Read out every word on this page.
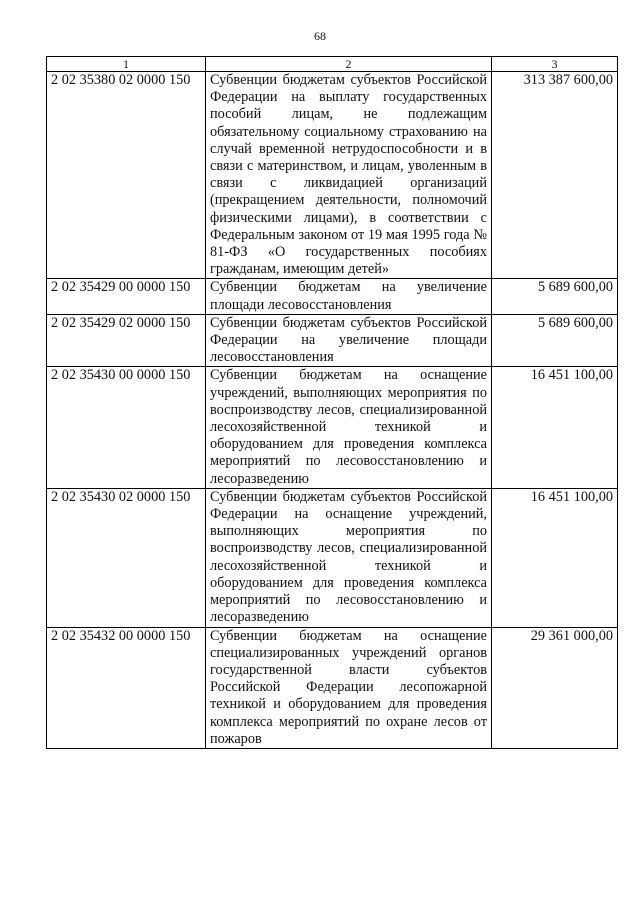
68
1	2	3
2 02 35380 02 0000 150	Субвенции бюджетам субъектов Российской Федерации на выплату государственных пособий лицам, не подлежащим обязательному социальному страхованию на случай временной нетрудоспособности и в связи с материнством, и лицам, уволенным в связи с ликвидацией организаций (прекращением деятельности, полномочий физическими лицами), в соответствии с Федеральным законом от 19 мая 1995 года № 81-ФЗ «О государственных пособиях гражданам, имеющим детей»	313 387 600,00
2 02 35429 00 0000 150	Субвенции бюджетам на увеличение площади лесовосстановления	5 689 600,00
2 02 35429 02 0000 150	Субвенции бюджетам субъектов Российской Федерации на увеличение площади лесовосстановления	5 689 600,00
2 02 35430 00 0000 150	Субвенции бюджетам на оснащение учреждений, выполняющих мероприятия по воспроизводству лесов, специализированной лесохозяйственной техникой и оборудованием для проведения комплекса мероприятий по лесовосстановлению и лесоразведению	16 451 100,00
2 02 35430 02 0000 150	Субвенции бюджетам субъектов Российской Федерации на оснащение учреждений, выполняющих мероприятия по воспроизводству лесов, специализированной лесохозяйственной техникой и оборудованием для проведения комплекса мероприятий по лесовосстановлению и лесоразведению	16 451 100,00
2 02 35432 00 0000 150	Субвенции бюджетам на оснащение специализированных учреждений органов государственной власти субъектов Российской Федерации лесопожарной техникой и оборудованием для проведения комплекса мероприятий по охране лесов от пожаров	29 361 000,00
